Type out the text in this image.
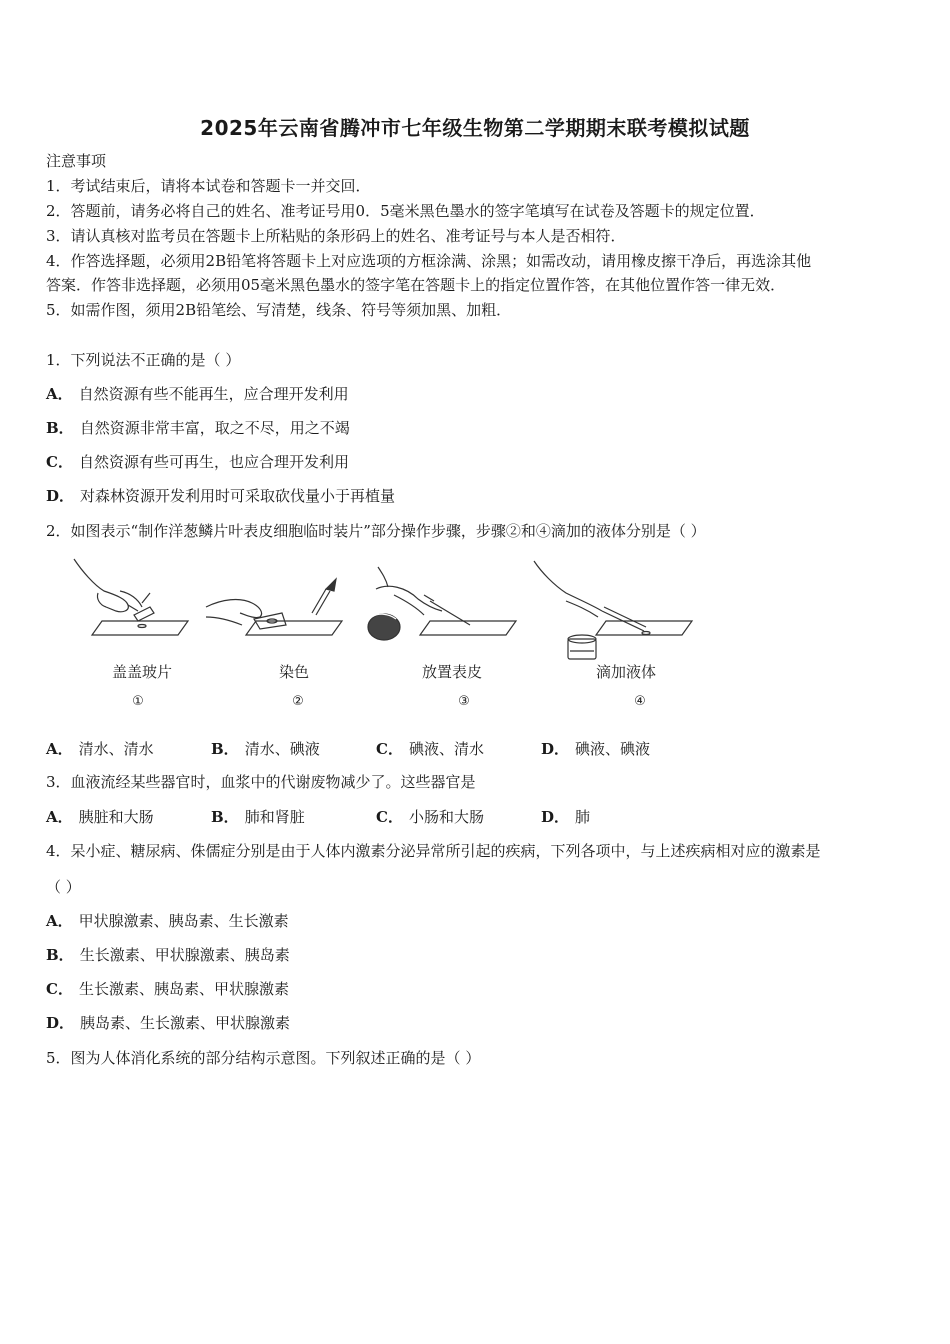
2025年云南省腾冲市七年级生物第二学期期末联考模拟试题
注意事项
1．考试结束后，请将本试卷和答题卡一并交回．
2．答题前，请务必将自己的姓名、准考证号用0．5毫米黑色墨水的签字笔填写在试卷及答题卡的规定位置．
3．请认真核对监考员在答题卡上所粘贴的条形码上的姓名、准考证号与本人是否相符．
4．作答选择题，必须用2B铅笔将答题卡上对应选项的方框涂满、涂黑；如需改动，请用橡皮擦干净后，再选涂其他
答案．作答非选择题，必须用05毫米黑色墨水的签字笔在答题卡上的指定位置作答，在其他位置作答一律无效．
5．如需作图，须用2B铅笔绘、写清楚，线条、符号等须加黑、加粗．
1．下列说法不正确的是（ ）
A． 自然资源有些不能再生，应合理开发利用
B． 自然资源非常丰富，取之不尽，用之不竭
C． 自然资源有些可再生，也应合理开发利用
D． 对森林资源开发利用时可采取砍伐量小于再植量
2．如图表示“制作洋葱鳞片叶表皮细胞临时装片”部分操作步骤，步骤②和④滴加的液体分别是（ ）
盖盖玻片	染色	放置表皮	滴加液体
①	②	③	④
A． 清水、清水	B． 清水、碘液	C． 碘液、清水	D． 碘液、碘液
3．血液流经某些器官时，血浆中的代谢废物减少了。这些器官是
A． 胰脏和大肠	B． 肺和肾脏	C． 小肠和大肠	D． 肺
4．呆小症、糖尿病、侏儒症分别是由于人体内激素分泌异常所引起的疾病，下列各项中，与上述疾病相对应的激素是
（ ）
A． 甲状腺激素、胰岛素、生长激素
B． 生长激素、甲状腺激素、胰岛素
C． 生长激素、胰岛素、甲状腺激素
D． 胰岛素、生长激素、甲状腺激素
5．图为人体消化系统的部分结构示意图。下列叙述正确的是（ ）
